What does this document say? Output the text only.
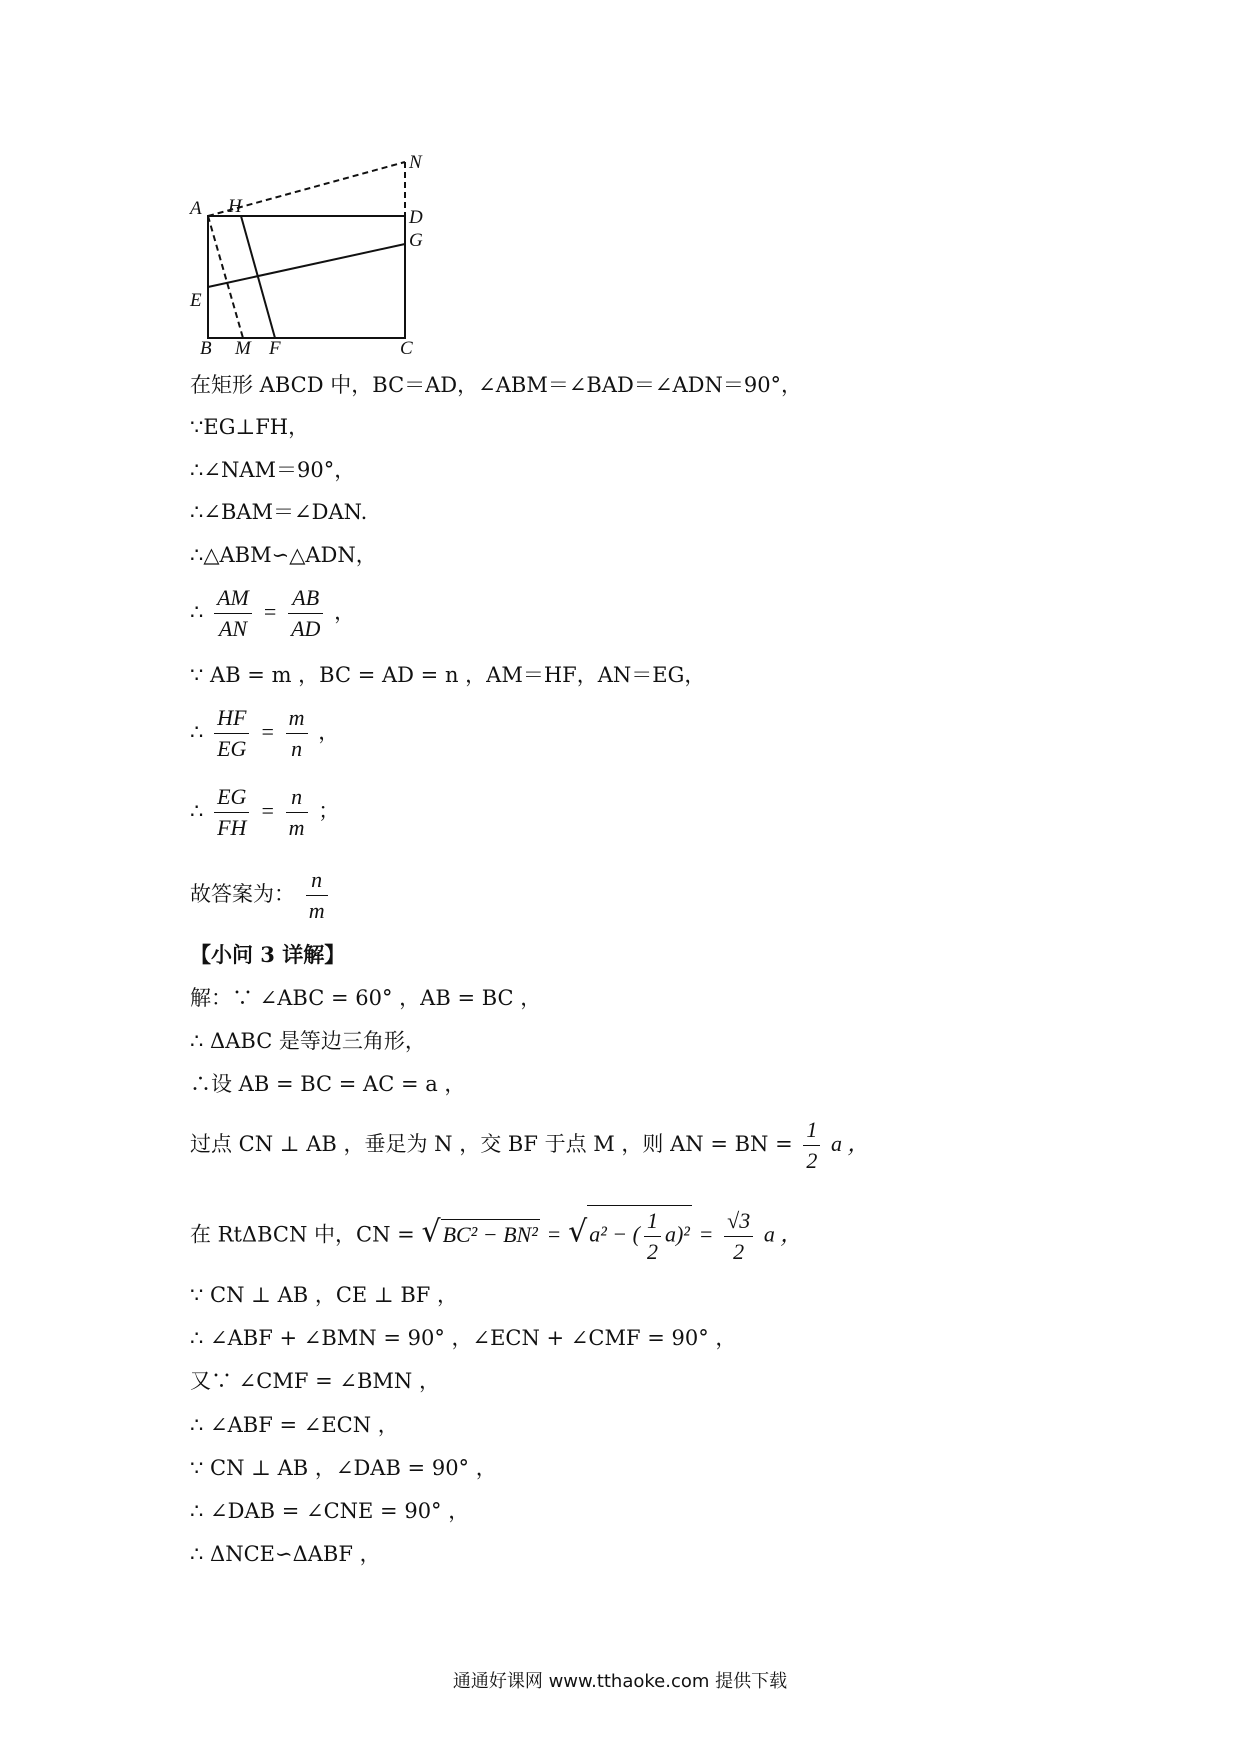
A H
N
D
G
E
B M F	C
在矩形 ABCD 中，BC＝AD，∠ABM＝∠BAD＝∠ADN＝90°，
∵EG⊥FH，
∴∠NAM＝90°，
∴∠BAM＝∠DAN.
∴△ABM∽△ADN，
∴ $\frac{AM}{AN} = \frac{AB}{AD}$ ，
∵ AB = m ，BC = AD = n ，AM＝HF，AN＝EG，
∴ $\frac{HF}{EG} = \frac{m}{n}$ ，
∴ $\frac{EG}{FH} = \frac{n}{m}$ ；
故答案为： $\frac{n}{m}$
【小问 3 详解】
解：∵ ∠ABC = 60° ，AB = BC ，
∴ ΔABC 是等边三角形，
∴设 AB = BC = AC = a ，
过点 CN ⊥ AB ，垂足为 N ，交 BF 于点 M ，则 AN = BN = $\frac{1}{2}$ a ，
在 RtΔBCN 中，CN = √BC² − BN² = √a² − ( $\frac{1}{2} a)^2 = \frac{√3}{2}$ a ，
∵ CN ⊥ AB ，CE ⊥ BF ，
∴ ∠ABF + ∠BMN = 90° ，∠ECN + ∠CMF = 90° ，
又∵ ∠CMF = ∠BMN ，
∴ ∠ABF = ∠ECN ，
∵ CN ⊥ AB ，∠DAB = 90° ，
∴ ∠DAB = ∠CNE = 90° ，
∴ ΔNCE∽ΔABF ，
通通好课网 www.tthaoke.com 提供下载
